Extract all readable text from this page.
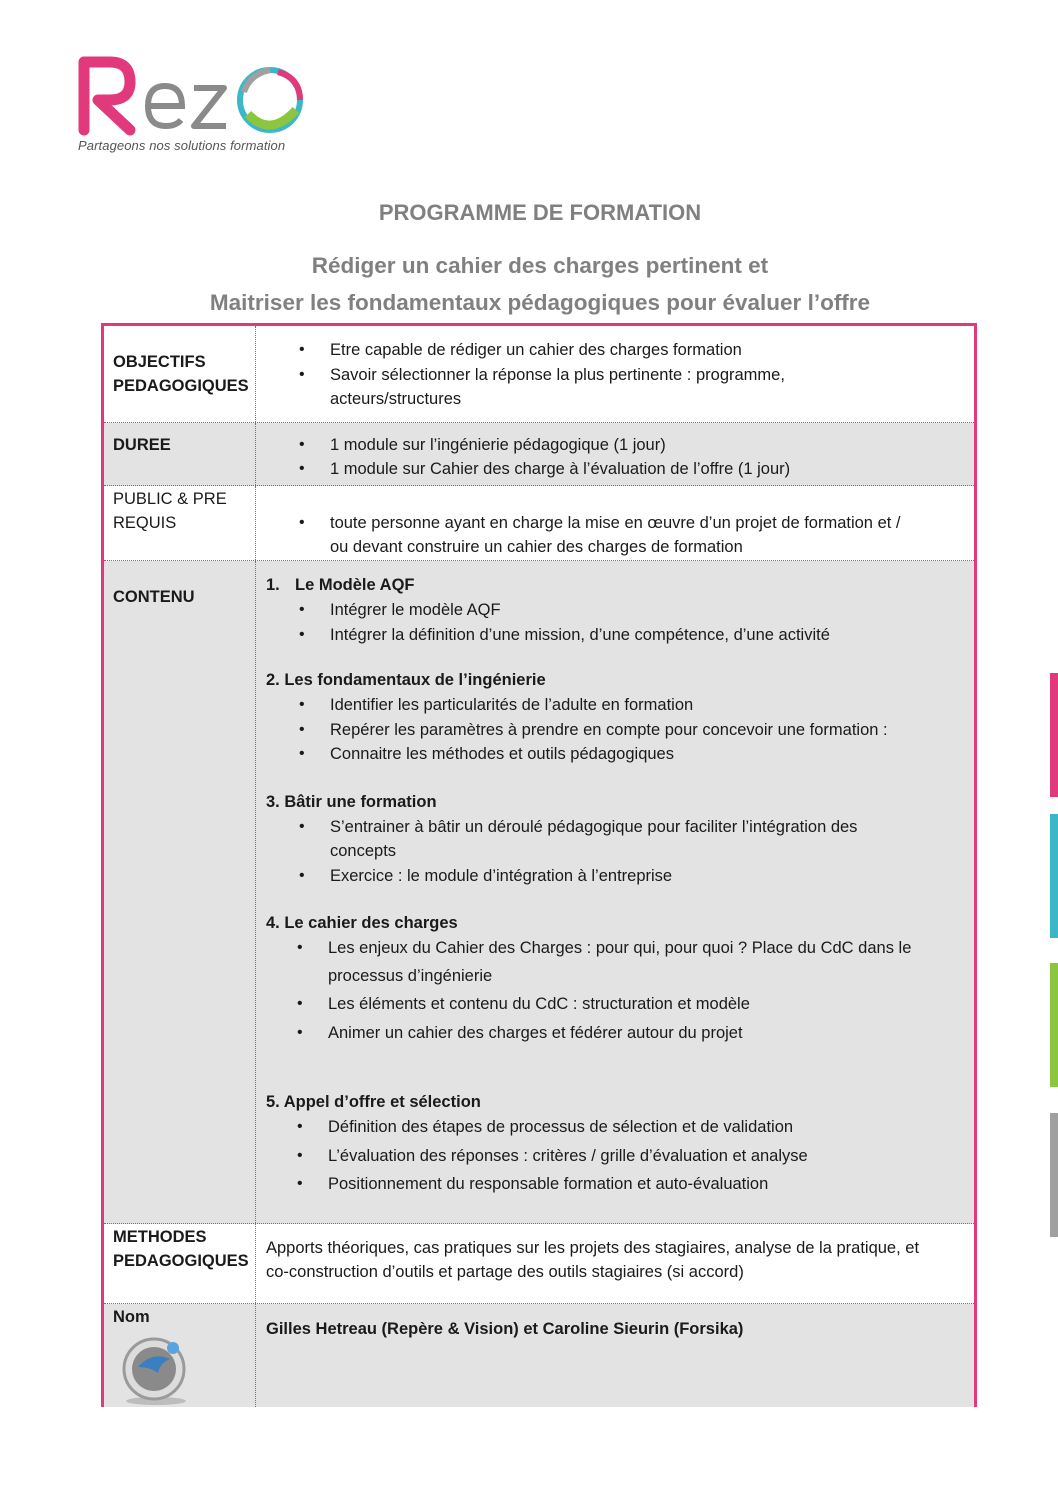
Partageons nos solutions formation
PROGRAMME DE FORMATION
Rédiger un cahier des charges pertinent et
Maitriser les fondamentaux pédagogiques pour évaluer l’offre
OBJECTIFS
PEDAGOGIQUES
• Etre capable de rédiger un cahier des charges formation
• Savoir sélectionner la réponse la plus pertinente : programme,
acteurs/structures
DUREE	• 1 module sur l’ingénierie pédagogique (1 jour)
• 1 module sur Cahier des charge à l’évaluation de l’offre (1 jour)
PUBLIC & PRE
REQUIS	• toute personne ayant en charge la mise en œuvre d’un projet de formation et /
ou devant construire un cahier des charges de formation
CONTENU
1. Le Modèle AQF
• Intégrer le modèle AQF
• Intégrer la définition d’une mission, d’une compétence, d’une activité
2. Les fondamentaux de l’ingénierie
• Identifier les particularités de l’adulte en formation
• Repérer les paramètres à prendre en compte pour concevoir une formation :
• Connaitre les méthodes et outils pédagogiques
3. Bâtir une formation
• S’entrainer à bâtir un déroulé pédagogique pour faciliter l’intégration des
concepts
• Exercice : le module d’intégration à l’entreprise
4. Le cahier des charges
• Les enjeux du Cahier des Charges : pour qui, pour quoi ? Place du CdC dans le
processus d’ingénierie
• Les éléments et contenu du CdC : structuration et modèle
• Animer un cahier des charges et fédérer autour du projet
5. Appel d’offre et sélection
• Définition des étapes de processus de sélection et de validation
• L’évaluation des réponses : critères / grille d’évaluation et analyse
• Positionnement du responsable formation et auto-évaluation
METHODES
PEDAGOGIQUES
Apports théoriques, cas pratiques sur les projets des stagiaires, analyse de la pratique, et
co-construction d’outils et partage des outils stagiaires (si accord)
Nom
Gilles Hetreau (Repère & Vision) et Caroline Sieurin (Forsika)
